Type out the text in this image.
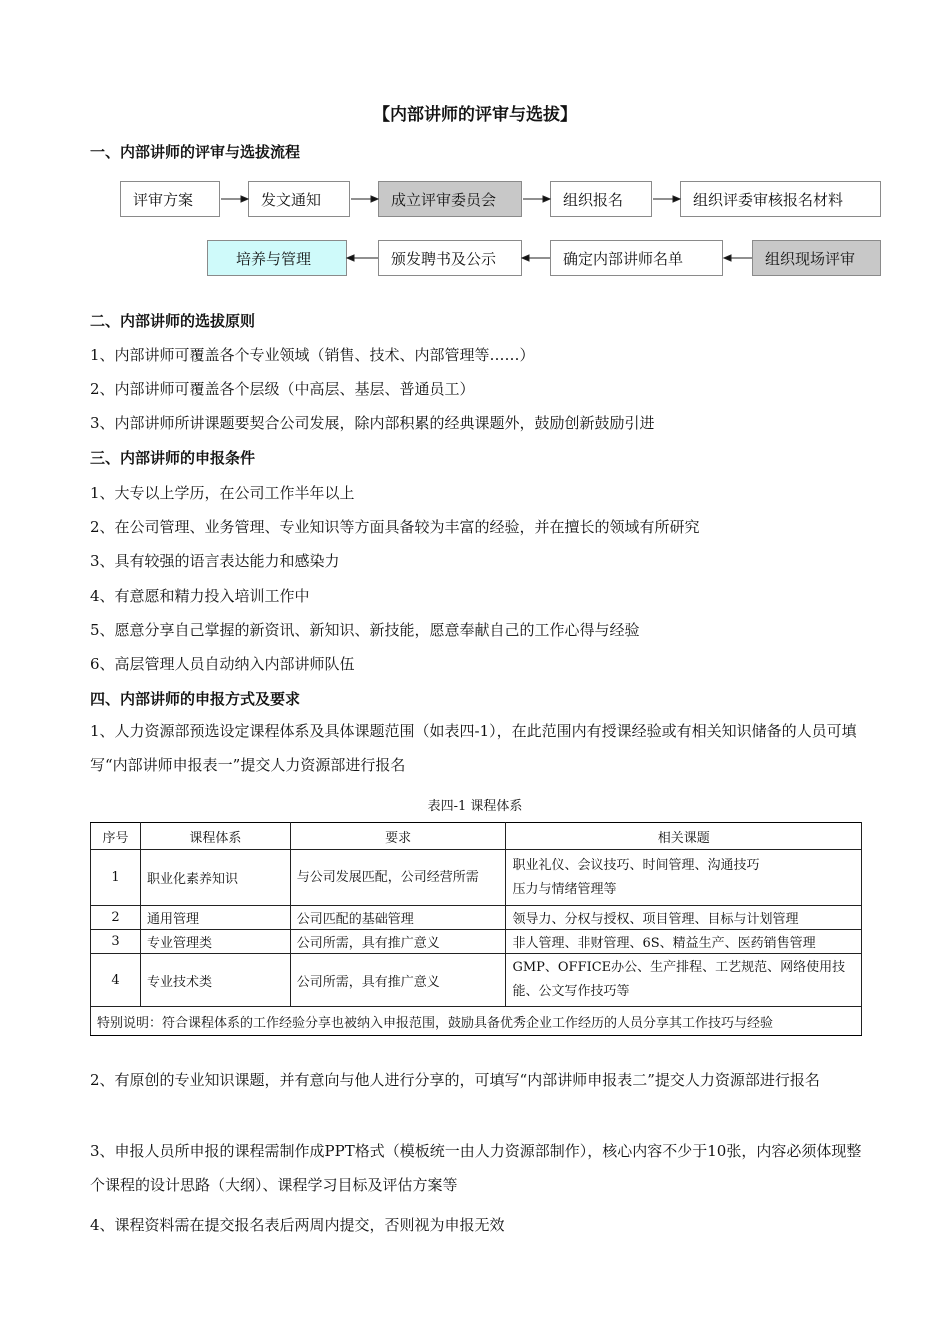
【内部讲师的评审与选拔】
一、内部讲师的评审与选拔流程
评审方案	发文通知	成立评审委员会	组织报名	组织评委审核报名材料
组织现场评审
确定内部讲师名单
颁发聘书及公示
培养与管理
二、内部讲师的选拔原则
1、内部讲师可覆盖各个专业领域（销售、技术、内部管理等……）
2、内部讲师可覆盖各个层级（中高层、基层、普通员工）
3、内部讲师所讲课题要契合公司发展，除内部积累的经典课题外，鼓励创新鼓励引进
三、内部讲师的申报条件
1、大专以上学历，在公司工作半年以上
2、在公司管理、业务管理、专业知识等方面具备较为丰富的经验，并在擅长的领域有所研究
3、具有较强的语言表达能力和感染力
4、有意愿和精力投入培训工作中
5、愿意分享自己掌握的新资讯、新知识、新技能，愿意奉献自己的工作心得与经验
6、高层管理人员自动纳入内部讲师队伍
四、内部讲师的申报方式及要求
1、人力资源部预选设定课程体系及具体课题范围（如表四-1），在此范围内有授课经验或有相关知识储备的人员可填写“内部讲师申报表一”提交人力资源部进行报名
表四-1 课程体系
序号	课程体系	要求	相关课题
1	职业化素养知识	与公司发展匹配，公司经营所需	职业礼仪、会议技巧、时间管理、沟通技巧
压力与情绪管理等
2	通用管理	公司匹配的基础管理	领导力、分权与授权、项目管理、目标与计划管理
3	专业管理类	公司所需，具有推广意义	非人管理、非财管理、6S、精益生产、医药销售管理
4	专业技术类	公司所需，具有推广意义	GMP、OFFICE办公、生产排程、工艺规范、网络使用技能、公文写作技巧等
特别说明：符合课程体系的工作经验分享也被纳入申报范围，鼓励具备优秀企业工作经历的人员分享其工作技巧与经验			
2、有原创的专业知识课题，并有意向与他人进行分享的，可填写“内部讲师申报表二”提交人力资源部进行报名
3、申报人员所申报的课程需制作成PPT格式（模板统一由人力资源部制作），核心内容不少于10张，内容必须体现整个课程的设计思路（大纲）、课程学习目标及评估方案等
4、课程资料需在提交报名表后两周内提交，否则视为申报无效
